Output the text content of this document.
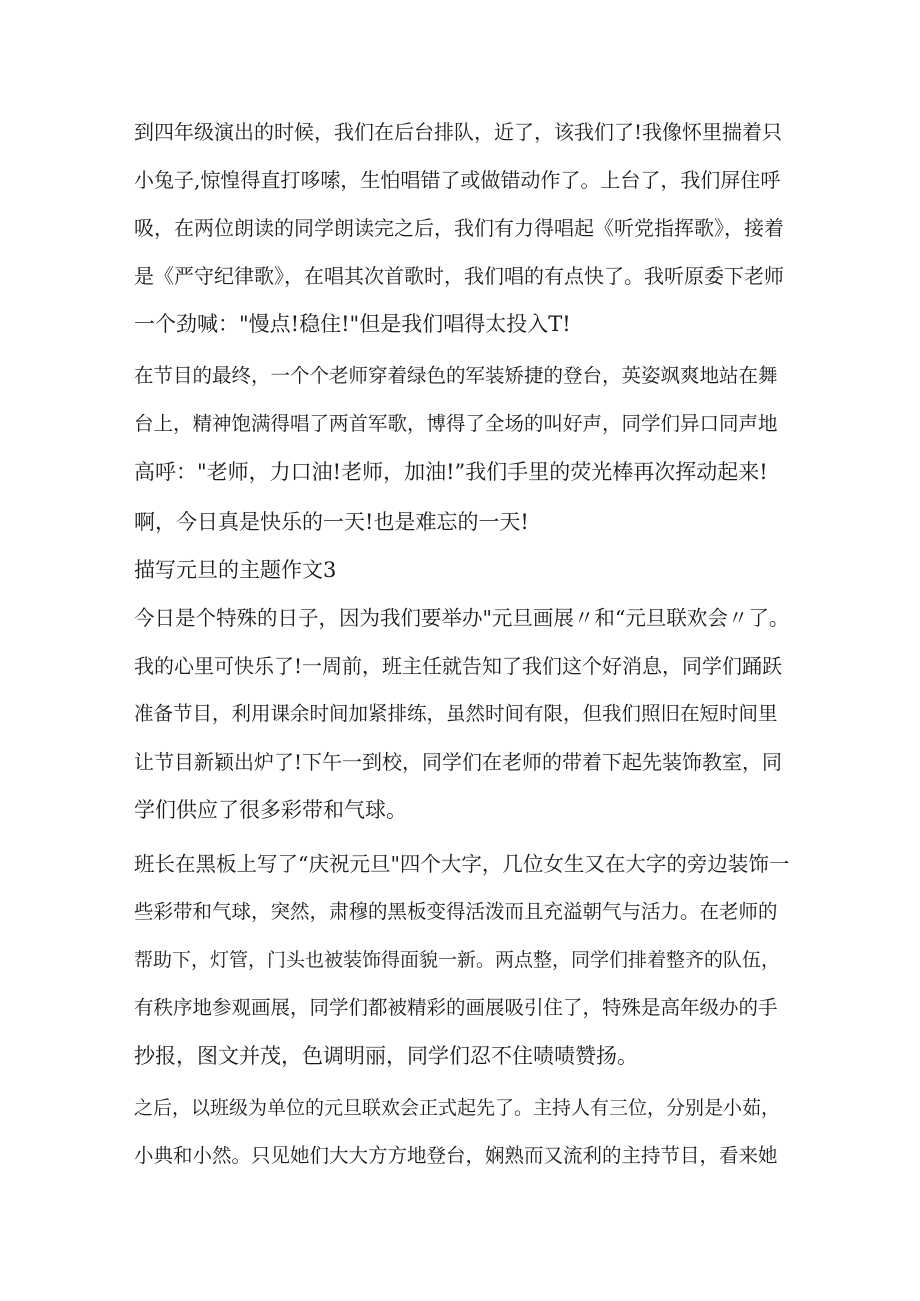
到四年级演出的时候，我们在后台排队，近了，该我们了!我像怀里揣着只
小兔子,惊惶得直打哆嗦，生怕唱错了或做错动作了。上台了，我们屏住呼
吸，在两位朗读的同学朗读完之后，我们有力得唱起《听党指挥歌》，接着
是《严守纪律歌》，在唱其次首歌时，我们唱的有点快了。我听原委下老师
一个劲喊："慢点!稳住!"但是我们唱得太投入T!
在节目的最终，一个个老师穿着绿色的军装矫捷的登台，英姿飒爽地站在舞
台上，精神饱满得唱了两首军歌，博得了全场的叫好声，同学们异口同声地
高呼："老师，力口油!老师，加油!”我们手里的荧光棒再次挥动起来!
啊，今日真是快乐的一天!也是难忘的一天!
描写元旦的主题作文3
今日是个特殊的日子，因为我们要举办"元旦画展〃和“元旦联欢会〃了。
我的心里可快乐了!一周前，班主任就告知了我们这个好消息，同学们踊跃
准备节目，利用课余时间加紧排练，虽然时间有限，但我们照旧在短时间里
让节目新颖出炉了!下午一到校，同学们在老师的带着下起先装饰教室，同
学们供应了很多彩带和气球。
班长在黑板上写了“庆祝元旦"四个大字，几位女生又在大字的旁边装饰一
些彩带和气球，突然，肃穆的黑板变得活泼而且充溢朝气与活力。在老师的
帮助下，灯管，门头也被装饰得面貌一新。两点整，同学们排着整齐的队伍，
有秩序地参观画展，同学们都被精彩的画展吸引住了，特殊是高年级办的手
抄报，图文并茂，色调明丽，同学们忍不住啧啧赞扬。
之后，以班级为单位的元旦联欢会正式起先了。主持人有三位，分别是小茹，
小典和小然。只见她们大大方方地登台，娴熟而又流利的主持节目，看来她
